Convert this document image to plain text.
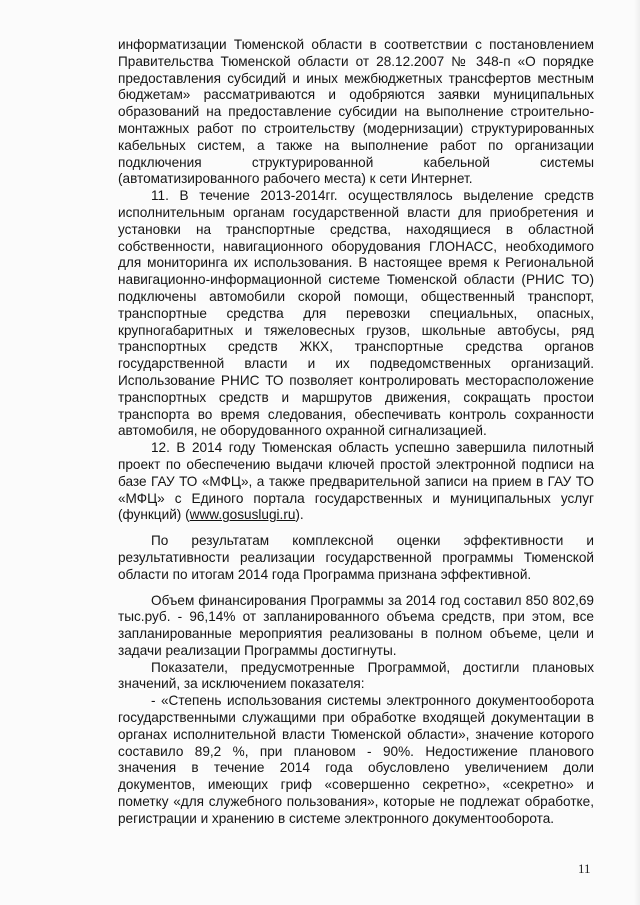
информатизации Тюменской области в соответствии с постановлением Правительства Тюменской области от 28.12.2007 № 348-п «О порядке предоставления субсидий и иных межбюджетных трансфертов местным бюджетам» рассматриваются и одобряются заявки муниципальных образований на предоставление субсидии на выполнение строительно-монтажных работ по строительству (модернизации) структурированных кабельных систем, а также на выполнение работ по организации подключения структурированной кабельной системы (автоматизированного рабочего места) к сети Интернет.

11. В течение 2013-2014гг. осуществлялось выделение средств исполнительным органам государственной власти для приобретения и установки на транспортные средства, находящиеся в областной собственности, навигационного оборудования ГЛОНАСС, необходимого для мониторинга их использования. В настоящее время к Региональной навигационно-информационной системе Тюменской области (РНИС ТО) подключены автомобили скорой помощи, общественный транспорт, транспортные средства для перевозки специальных, опасных, крупногабаритных и тяжеловесных грузов, школьные автобусы, ряд транспортных средств ЖКХ, транспортные средства органов государственной власти и их подведомственных организаций. Использование РНИС ТО позволяет контролировать месторасположение транспортных средств и маршрутов движения, сокращать простои транспорта во время следования, обеспечивать контроль сохранности автомобиля, не оборудованного охранной сигнализацией.

12. В 2014 году Тюменская область успешно завершила пилотный проект по обеспечению выдачи ключей простой электронной подписи на базе ГАУ ТО «МФЦ», а также предварительной записи на прием в ГАУ ТО «МФЦ» с Единого портала государственных и муниципальных услуг (функций) (www.gosuslugi.ru).

По результатам комплексной оценки эффективности и результативности реализации государственной программы Тюменской области по итогам 2014 года Программа признана эффективной.

Объем финансирования Программы за 2014 год составил 850 802,69 тыс.руб. - 96,14% от запланированного объема средств, при этом, все запланированные мероприятия реализованы в полном объеме, цели и задачи реализации Программы достигнуты.

Показатели, предусмотренные Программой, достигли плановых значений, за исключением показателя:

- «Степень использования системы электронного документооборота государственными служащими при обработке входящей документации в органах исполнительной власти Тюменской области», значение которого составило 89,2 %, при плановом - 90%. Недостижение планового значения в течение 2014 года обусловлено увеличением доли документов, имеющих гриф «совершенно секретно», «секретно» и пометку «для служебного пользования», которые не подлежат обработке, регистрации и хранению в системе электронного документооборота.

11
